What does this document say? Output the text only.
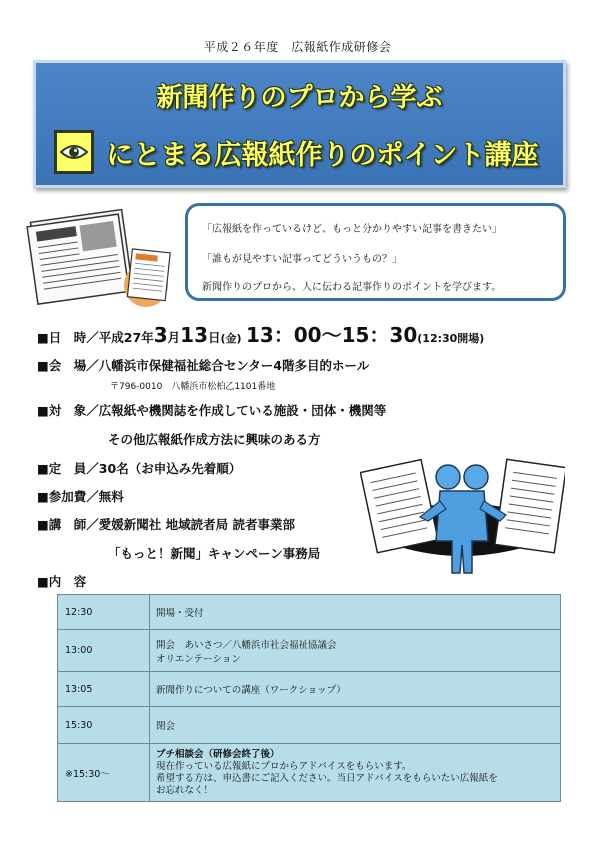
平成２６年度　広報紙作成研修会
新聞作りのプロから学ぶ
にとまる広報紙作りのポイント講座
「広報紙を作っているけど、もっと分かりやすい記事を書きたい」
「誰もが見やすい記事ってどういうもの？」
新聞作りのプロから、人に伝わる記事作りのポイントを学びます。
■日　時／平成27年3月13日(金) 13：00～15：30(12:30開場)
■会　場／八幡浜市保健福祉総合センター4階多目的ホール
〒796-0010　八幡浜市松柏乙1101番地
■対　象／広報紙や機関誌を作成している施設・団体・機関等
その他広報紙作成方法に興味のある方
■定　員／30名（お申込み先着順）
■参加費／無料
■講　師／愛媛新聞社 地域読者局 読者事業部
「もっと！新聞」キャンペーン事務局
■内　容
12:30	開場・受付

13:00	開会　あいさつ／八幡浜市社会福祉協議会
オリエンテーション

13:05	新聞作りについての講座（ワークショップ）

15:30	閉会

※15:30～	プチ相談会（研修会終了後）
現在作っている広報紙にプロからアドバイスをもらいます。
希望する方は、申込書にご記入ください。当日アドバイスをもらいたい広報紙を
お忘れなく！
